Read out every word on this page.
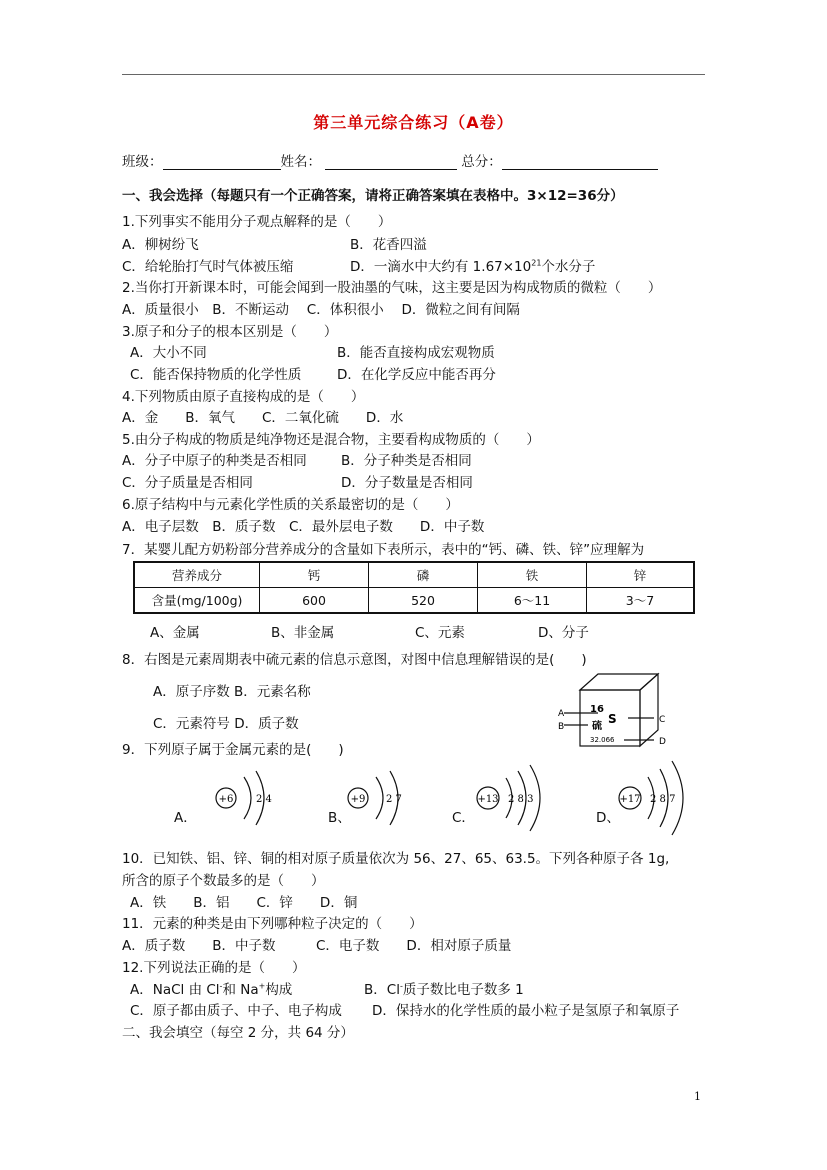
第三单元综合练习（A卷）
班级：	姓名：	总分：
一、我会选择（每题只有一个正确答案，请将正确答案填在表格中。3×12=36分）
1.下列事实不能用分子观点解释的是（　　）
A．柳树纷飞	B．花香四溢
C．给轮胎打气时气体被压缩	D．一滴水中大约有 $1.67\times 10^{21}$个水分子
2.当你打开新课本时，可能会闻到一股油墨的气味，这主要是因为构成物质的微粒（　　）
A．质量很小　B．不断运动　 C．体积很小　 D．微粒之间有间隔
3.原子和分子的根本区别是（　　）
A．大小不同	B．能否直接构成宏观物质
C．能否保持物质的化学性质	D．在化学反应中能否再分
4.下列物质由原子直接构成的是（　　）
A．金　　B．氧气　　C．二氧化硫　　D．水
5.由分子构成的物质是纯净物还是混合物，主要看构成物质的（　　）
A．分子中原子的种类是否相同	B．分子种类是否相同
C．分子质量是否相同	D．分子数量是否相同
6.原子结构中与元素化学性质的关系最密切的是（　　）
A．电子层数　B．质子数　C．最外层电子数　　D．中子数
7．某婴儿配方奶粉部分营养成分的含量如下表所示，表中的“钙、磷、铁、锌”应理解为
营养成分	钙	磷	铁	锌
含量(mg/100g)	600	520	6～11	3～7
A、金属	B、非金属	C、元素	D、分子
8．右图是元素周期表中硫元素的信息示意图，对图中信息理解错误的是(　　)
A．原子序数 B．元素名称
C．元素符号 D．质子数
16
S
硫
32.066
A
B
C
D
9．下列原子属于金属元素的是(　　)
A．
+6 2 4
B、
+9 2 7
C．
+13 2 8 3
D、
+17 2 8 7
10．已知铁、铝、锌、铜的相对原子质量依次为 56、27、65、63.5。下列各种原子各 1g,
所含的原子个数最多的是（　　）
A．铁　　B．铝　　C．锌　　D．铜
11．元素的种类是由下列哪种粒子决定的（　　）
A．质子数　　B．中子数　　　C．电子数　　D．相对原子质量
12.下列说法正确的是（　　）
A．NaCl 由 Cl-和 Na+构成	B．Cl-质子数比电子数多 1
C．原子都由质子、中子、电子构成 D．保持水的化学性质的最小粒子是氢原子和氧原子
二、我会填空（每空 2 分，共 64 分）
1
